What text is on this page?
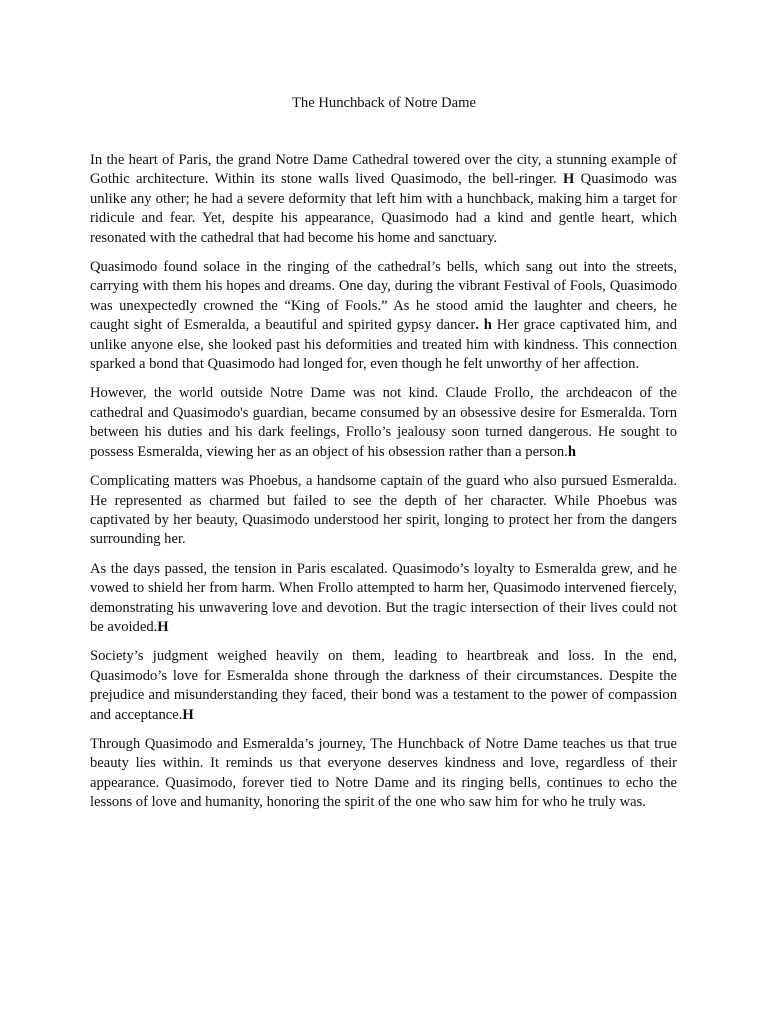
The Hunchback of Notre Dame

In the heart of Paris, the grand Notre Dame Cathedral towered over the city, a stunning example of Gothic architecture. Within its stone walls lived Quasimodo, the bell-ringer. H Quasimodo was unlike any other; he had a severe deformity that left him with a hunchback, making him a target for ridicule and fear. Yet, despite his appearance, Quasimodo had a kind and gentle heart, which resonated with the cathedral that had become his home and sanctuary.

Quasimodo found solace in the ringing of the cathedral’s bells, which sang out into the streets, carrying with them his hopes and dreams. One day, during the vibrant Festival of Fools, Quasimodo was unexpectedly crowned the “King of Fools.” As he stood amid the laughter and cheers, he caught sight of Esmeralda, a beautiful and spirited gypsy dancer. h Her grace captivated him, and unlike anyone else, she looked past his deformities and treated him with kindness. This connection sparked a bond that Quasimodo had longed for, even though he felt unworthy of her affection.

However, the world outside Notre Dame was not kind. Claude Frollo, the archdeacon of the cathedral and Quasimodo's guardian, became consumed by an obsessive desire for Esmeralda. Torn between his duties and his dark feelings, Frollo’s jealousy soon turned dangerous. He sought to possess Esmeralda, viewing her as an object of his obsession rather than a person.h

Complicating matters was Phoebus, a handsome captain of the guard who also pursued Esmeralda. He represented as charmed but failed to see the depth of her character. While Phoebus was captivated by her beauty, Quasimodo understood her spirit, longing to protect her from the dangers surrounding her.

As the days passed, the tension in Paris escalated. Quasimodo’s loyalty to Esmeralda grew, and he vowed to shield her from harm. When Frollo attempted to harm her, Quasimodo intervened fiercely, demonstrating his unwavering love and devotion. But the tragic intersection of their lives could not be avoided.H

Society’s judgment weighed heavily on them, leading to heartbreak and loss. In the end, Quasimodo’s love for Esmeralda shone through the darkness of their circumstances. Despite the prejudice and misunderstanding they faced, their bond was a testament to the power of compassion and acceptance.H

Through Quasimodo and Esmeralda’s journey, The Hunchback of Notre Dame teaches us that true beauty lies within. It reminds us that everyone deserves kindness and love, regardless of their appearance. Quasimodo, forever tied to Notre Dame and its ringing bells, continues to echo the lessons of love and humanity, honoring the spirit of the one who saw him for who he truly was.
